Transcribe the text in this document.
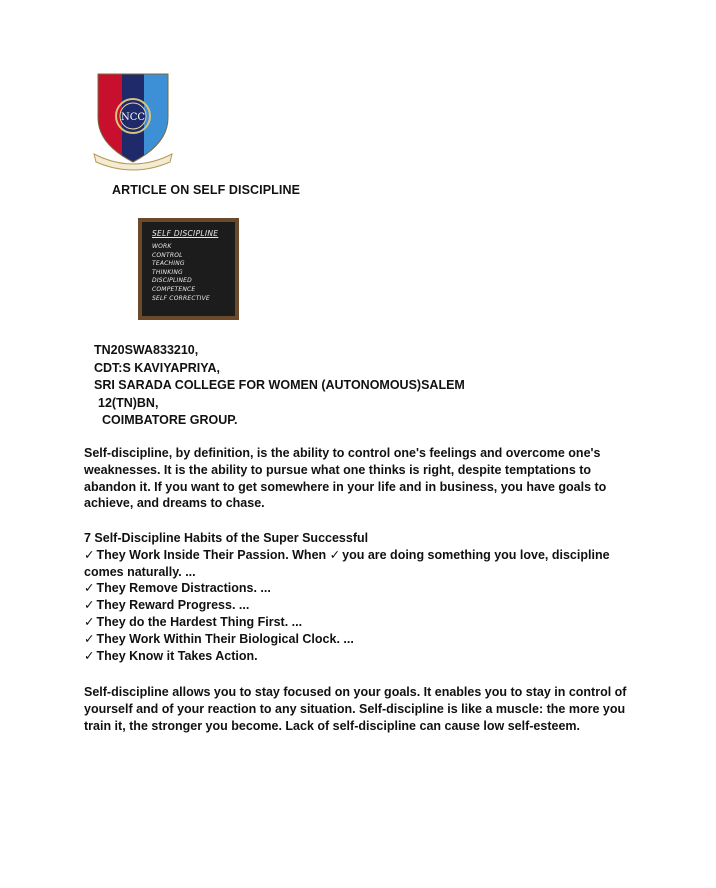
NCC
ARTICLE ON SELF DISCIPLINE
SELF DISCIPLINE
WORK
CONTROL
TEACHING
THINKING
DISCIPLINED
COMPETENCE
SELF CORRECTIVE
TN20SWA833210,
CDT:S KAVIYAPRIYA,
SRI SARADA COLLEGE FOR WOMEN (AUTONOMOUS)SALEM
12(TN)BN,
COIMBATORE GROUP.
Self-discipline, by definition, is the ability to control one's feelings and overcome one's weaknesses. It is the ability to pursue what one thinks is right, despite temptations to abandon it. If you want to get somewhere in your life and in business, you have goals to achieve, and dreams to chase.
7 Self-Discipline Habits of the Super Successful
✓ They Work Inside Their Passion. When ✓ you are doing something you love, discipline comes naturally. ...
✓ They Remove Distractions. ...
✓ They Reward Progress. ...
✓ They do the Hardest Thing First. ...
✓ They Work Within Their Biological Clock. ...
✓ They Know it Takes Action.
Self-discipline allows you to stay focused on your goals. It enables you to stay in control of yourself and of your reaction to any situation. Self-discipline is like a muscle: the more you train it, the stronger you become. Lack of self-discipline can cause low self-esteem.
